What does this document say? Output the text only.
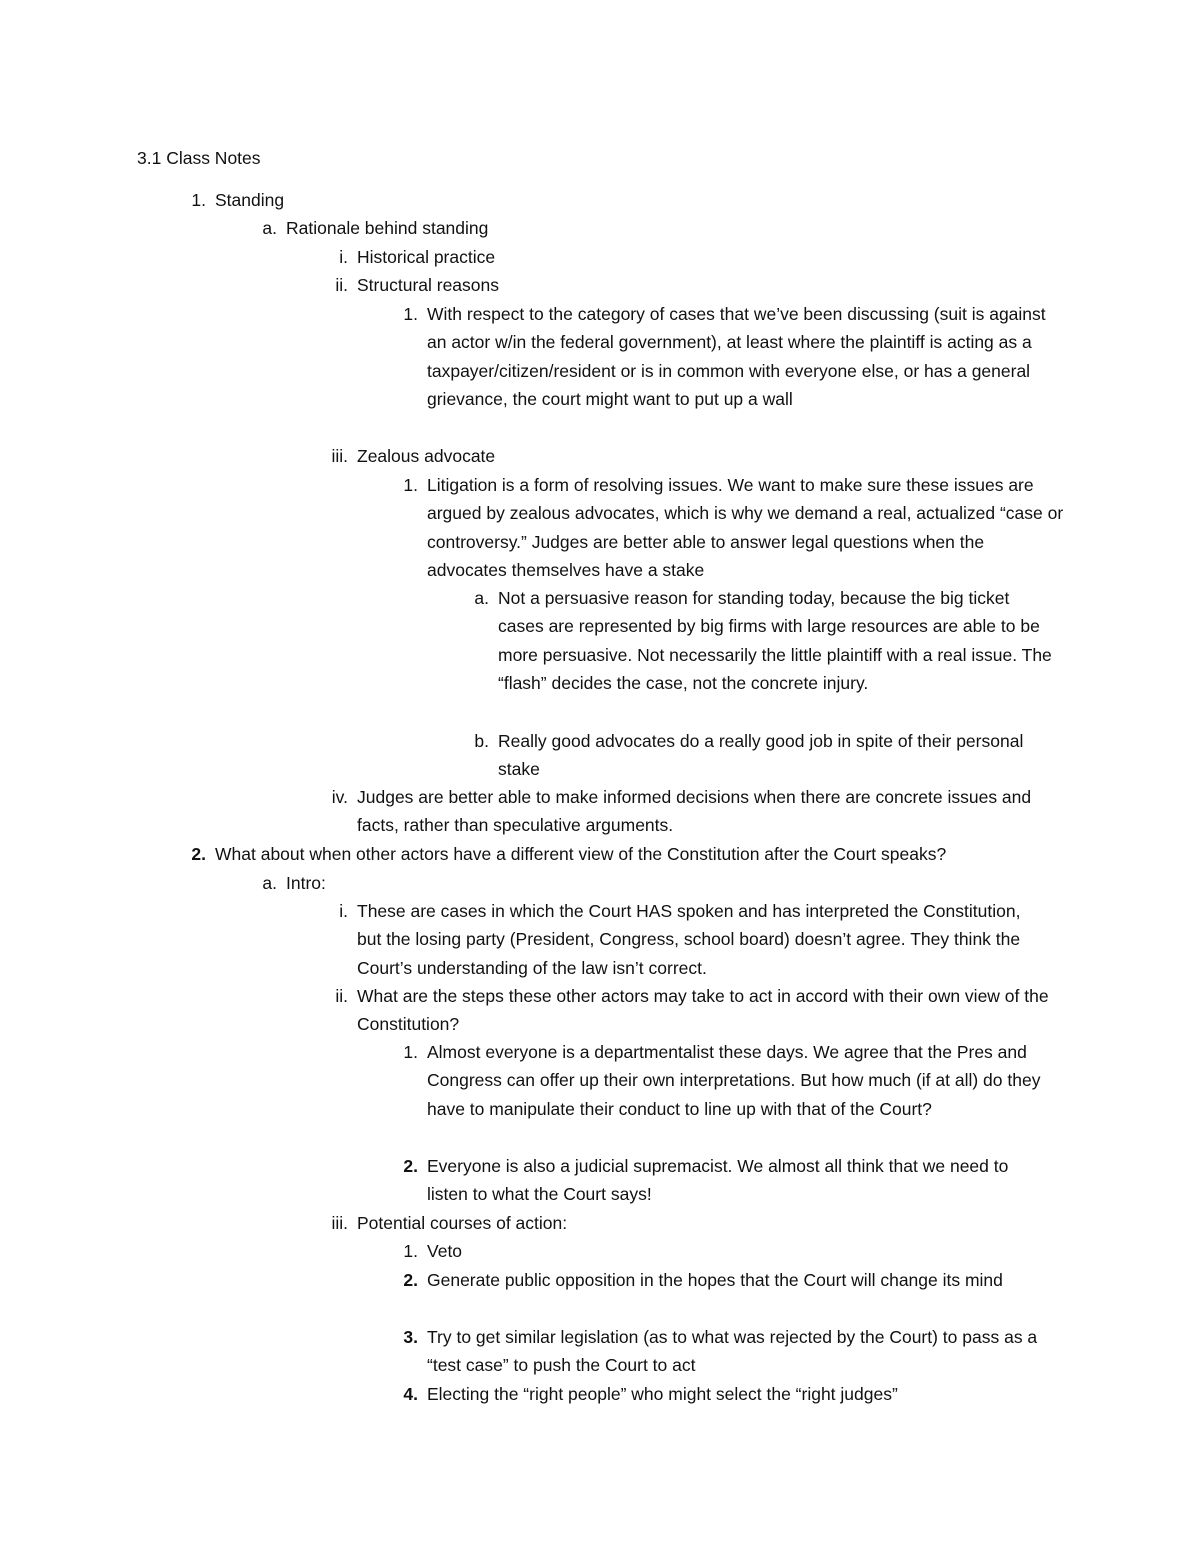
3.1 Class Notes
1. Standing
a. Rationale behind standing
i. Historical practice
ii. Structural reasons
1. With respect to the category of cases that we’ve been discussing (suit is against an actor w/in the federal government), at least where the plaintiff is acting as a taxpayer/citizen/resident or is in common with everyone else, or has a general grievance, the court might want to put up a wall
iii. Zealous advocate
1. Litigation is a form of resolving issues. We want to make sure these issues are argued by zealous advocates, which is why we demand a real, actualized “case or controversy.” Judges are better able to answer legal questions when the advocates themselves have a stake
a. Not a persuasive reason for standing today, because the big ticket cases are represented by big firms with large resources are able to be more persuasive. Not necessarily the little plaintiff with a real issue. The “flash” decides the case, not the concrete injury.
b. Really good advocates do a really good job in spite of their personal stake
iv. Judges are better able to make informed decisions when there are concrete issues and facts, rather than speculative arguments.
2. What about when other actors have a different view of the Constitution after the Court speaks?
a. Intro:
i. These are cases in which the Court HAS spoken and has interpreted the Constitution, but the losing party (President, Congress, school board) doesn’t agree. They think the Court’s understanding of the law isn’t correct.
ii. What are the steps these other actors may take to act in accord with their own view of the Constitution?
1. Almost everyone is a departmentalist these days. We agree that the Pres and Congress can offer up their own interpretations. But how much (if at all) do they have to manipulate their conduct to line up with that of the Court?
2. Everyone is also a judicial supremacist. We almost all think that we need to listen to what the Court says!
iii. Potential courses of action:
1. Veto
2. Generate public opposition in the hopes that the Court will change its mind
3. Try to get similar legislation (as to what was rejected by the Court) to pass as a “test case” to push the Court to act
4. Electing the “right people” who might select the “right judges”
